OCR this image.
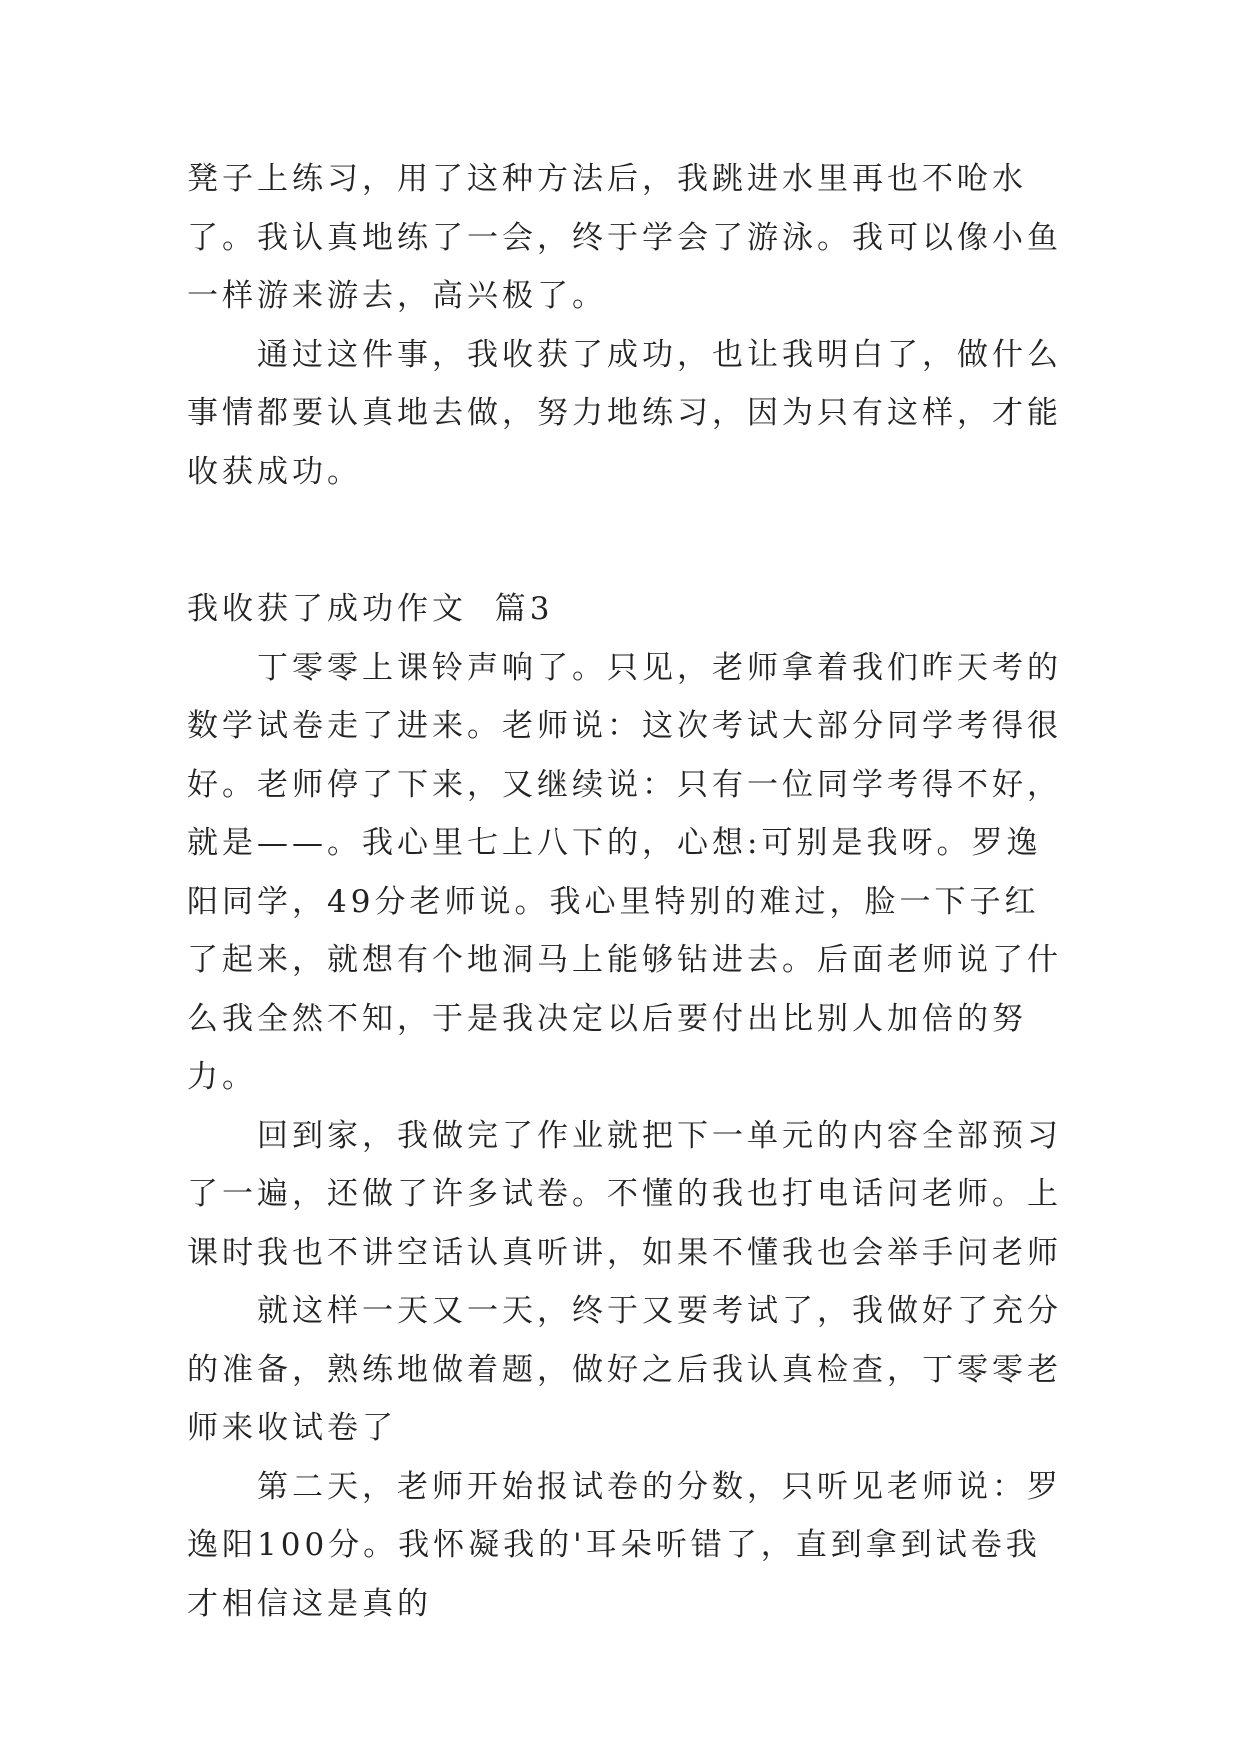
凳子上练习，用了这种方法后，我跳进水里再也不呛水了。我认真地练了一会，终于学会了游泳。我可以像小鱼一样游来游去，高兴极了。

通过这件事，我收获了成功，也让我明白了，做什么事情都要认真地去做，努力地练习，因为只有这样，才能收获成功。

我收获了成功作文  篇3

丁零零上课铃声响了。只见，老师拿着我们昨天考的数学试卷走了进来。老师说：这次考试大部分同学考得很好。老师停了下来，又继续说：只有一位同学考得不好，就是——。我心里七上八下的，心想:可别是我呀。罗逸阳同学，49分老师说。我心里特别的难过，脸一下子红了起来，就想有个地洞马上能够钻进去。后面老师说了什么我全然不知，于是我决定以后要付出比别人加倍的努力。

回到家，我做完了作业就把下一单元的内容全部预习了一遍，还做了许多试卷。不懂的我也打电话问老师。上课时我也不讲空话认真听讲，如果不懂我也会举手问老师

就这样一天又一天，终于又要考试了，我做好了充分的准备，熟练地做着题，做好之后我认真检查，丁零零老师来收试卷了

第二天，老师开始报试卷的分数，只听见老师说：罗逸阳100分。我怀凝我的'耳朵听错了，直到拿到试卷我才相信这是真的
